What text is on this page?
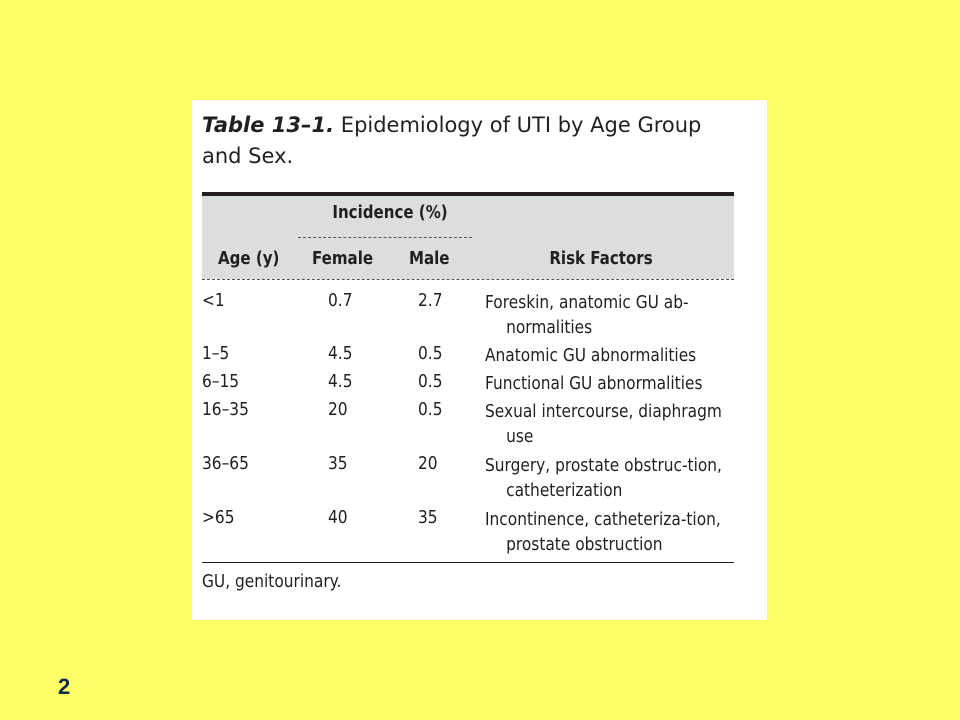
Table 13–1. Epidemiology of UTI by Age Group and Sex.
Incidence (%)
Age (y) Female Male	Risk Factors
<1	0.7	2.7 Foreskin, anatomic GU ab-normalities
1–5	4.5	0.5 Anatomic GU abnormalities
6–15	4.5	0.5 Functional GU abnormalities
16–35	20	0.5 Sexual intercourse, diaphragm use
36–65	35	20	Surgery, prostate obstruc-tion, catheterization
>65	40	35	Incontinence, catheteriza-tion, prostate obstruction
GU, genitourinary.
2
